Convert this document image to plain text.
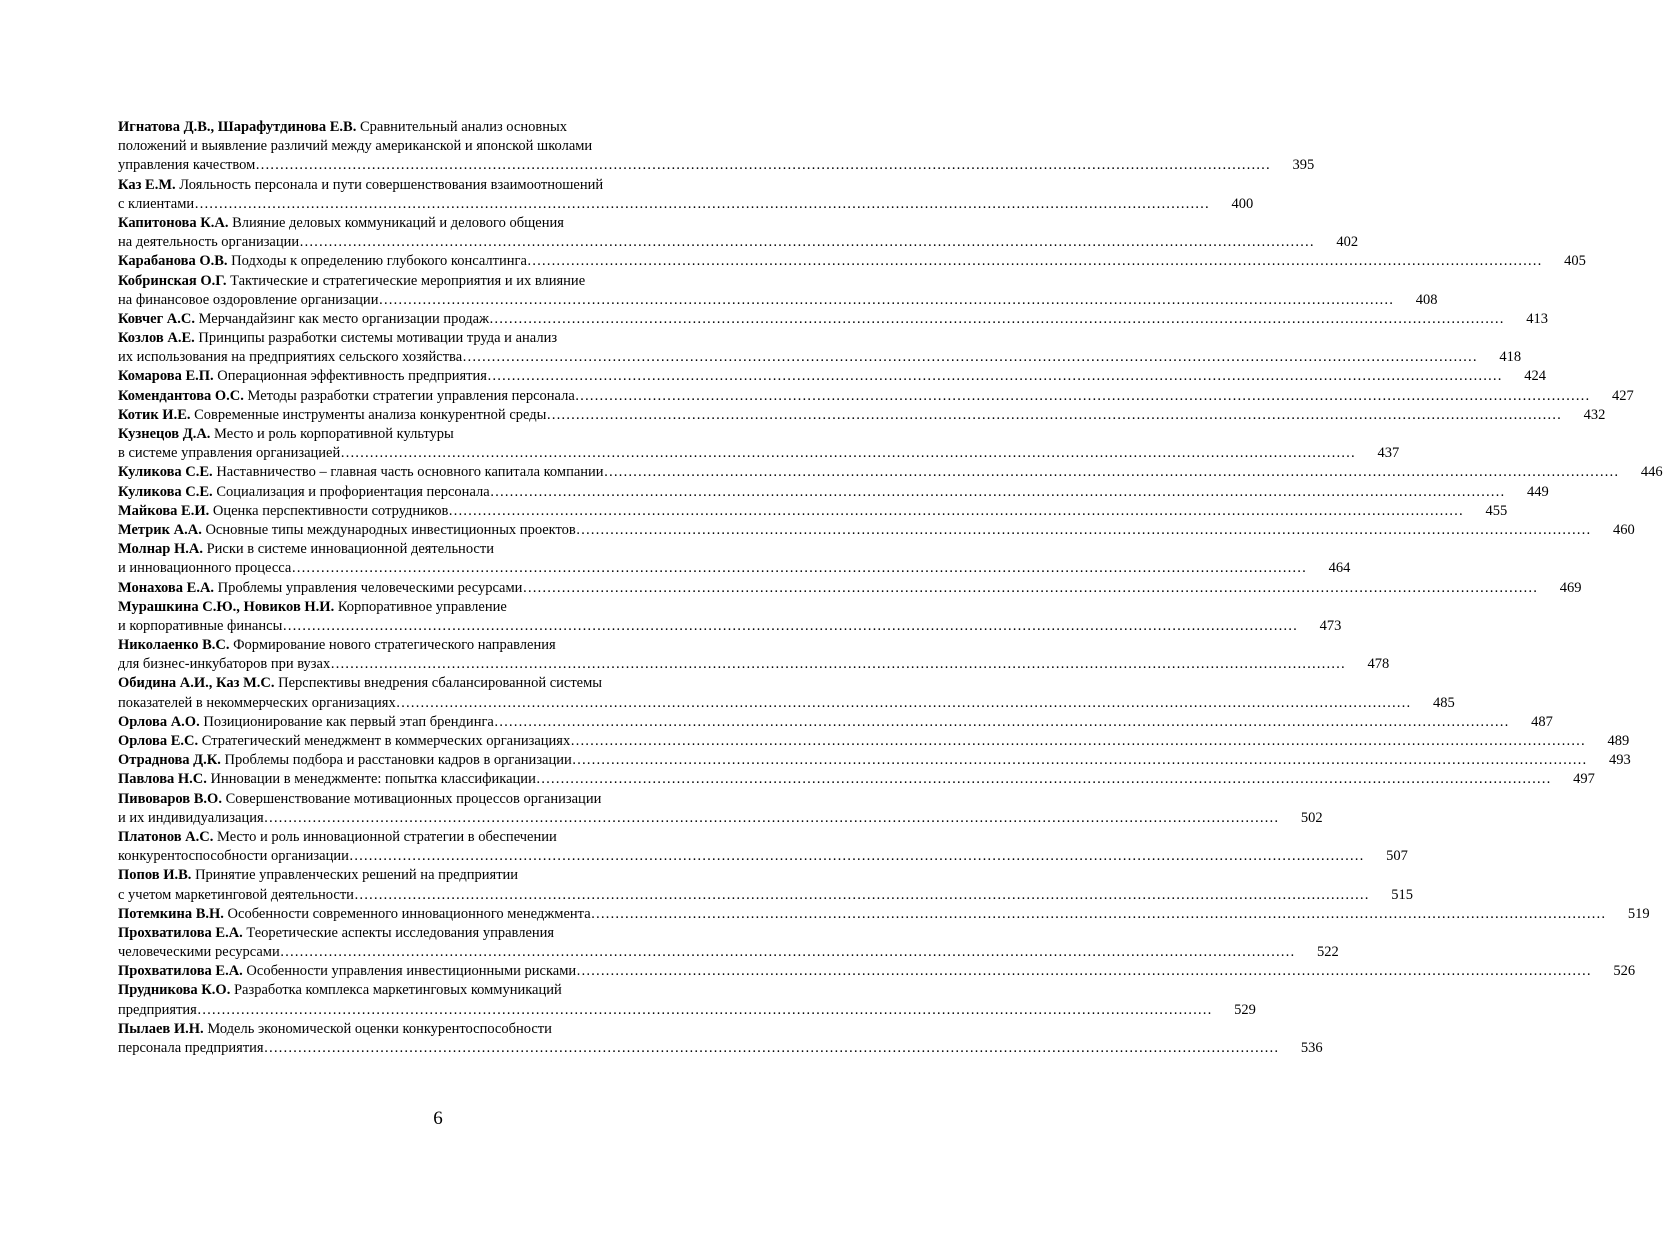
Игнатова Д.В., Шарафутдинова Е.В. Сравнительный анализ основных
положений и выявление различий между американской и японской школами
управления качеством …………………………………………………………………………………………………………………………………………………………………………………………	395
Каз Е.М. Лояльность персонала и пути совершенствования взаимоотношений
с клиентами …………………………………………………………………………………………………………………………………………………………………………………………	400
Капитонова К.А. Влияние деловых коммуникаций и делового общения
на деятельность организации …………………………………………………………………………………………………………………………………………………………………………………………	402
Карабанова О.В. Подходы к определению глубокого консалтинга …………………………………………………………………………………………………………………………………………………………………………………………	405
Кобринская О.Г. Тактические и стратегические мероприятия и их влияние
на финансовое оздоровление организации …………………………………………………………………………………………………………………………………………………………………………………………	408
Ковчег А.С. Мерчандайзинг как место организации продаж …………………………………………………………………………………………………………………………………………………………………………………………	413
Козлов А.Е. Принципы разработки системы мотивации труда и анализ
их использования на предприятиях сельского хозяйства …………………………………………………………………………………………………………………………………………………………………………………………	418
Комарова Е.П. Операционная эффективность предприятия …………………………………………………………………………………………………………………………………………………………………………………………	424
Комендантова О.С. Методы разработки стратегии управления персонала …………………………………………………………………………………………………………………………………………………………………………………………	427
Котик И.Е. Современные инструменты анализа конкурентной среды …………………………………………………………………………………………………………………………………………………………………………………………	432
Кузнецов Д.А. Место и роль корпоративной культуры
в системе управления организацией …………………………………………………………………………………………………………………………………………………………………………………………	437
Куликова С.Е. Наставничество – главная часть основного капитала компании …………………………………………………………………………………………………………………………………………………………………………………………	446
Куликова С.Е. Социализация и профориентация персонала …………………………………………………………………………………………………………………………………………………………………………………………	449
Майкова Е.И. Оценка перспективности сотрудников …………………………………………………………………………………………………………………………………………………………………………………………	455
Метрик А.А. Основные типы международных инвестиционных проектов …………………………………………………………………………………………………………………………………………………………………………………………	460
Молнар Н.А. Риски в системе инновационной деятельности
и инновационного процесса …………………………………………………………………………………………………………………………………………………………………………………………	464
Монахова Е.А. Проблемы управления человеческими ресурсами …………………………………………………………………………………………………………………………………………………………………………………………	469
Мурашкина С.Ю., Новиков Н.И. Корпоративное управление
и корпоративные финансы …………………………………………………………………………………………………………………………………………………………………………………………	473
Николаенко В.С. Формирование нового стратегического направления
для бизнес-инкубаторов при вузах …………………………………………………………………………………………………………………………………………………………………………………………	478
Обидина А.И., Каз М.С. Перспективы внедрения сбалансированной системы
показателей в некоммерческих организациях …………………………………………………………………………………………………………………………………………………………………………………………	485
Орлова А.О. Позиционирование как первый этап брендинга …………………………………………………………………………………………………………………………………………………………………………………………	487
Орлова Е.С. Стратегический менеджмент в коммерческих организациях …………………………………………………………………………………………………………………………………………………………………………………………	489
Отраднова Д.К. Проблемы подбора и расстановки кадров в организации …………………………………………………………………………………………………………………………………………………………………………………………	493
Павлова Н.С. Инновации в менеджменте: попытка классификации …………………………………………………………………………………………………………………………………………………………………………………………	497
Пивоваров В.О. Совершенствование мотивационных процессов организации
и их индивидуализация …………………………………………………………………………………………………………………………………………………………………………………………	502
Платонов А.С. Место и роль инновационной стратегии в обеспечении
конкурентоспособности организации …………………………………………………………………………………………………………………………………………………………………………………………	507
Попов И.В. Принятие управленческих решений на предприятии
с учетом маркетинговой деятельности …………………………………………………………………………………………………………………………………………………………………………………………	515
Потемкина В.Н. Особенности современного инновационного менеджмента …………………………………………………………………………………………………………………………………………………………………………………………	519
Прохватилова Е.А. Теоретические аспекты исследования управления
человеческими ресурсами …………………………………………………………………………………………………………………………………………………………………………………………	522
Прохватилова Е.А. Особенности управления инвестиционными рисками …………………………………………………………………………………………………………………………………………………………………………………………	526
Прудникова К.О. Разработка комплекса маркетинговых коммуникаций
предприятия …………………………………………………………………………………………………………………………………………………………………………………………	529
Пылаев И.Н. Модель экономической оценки конкурентоспособности
персонала предприятия …………………………………………………………………………………………………………………………………………………………………………………………	536
6
